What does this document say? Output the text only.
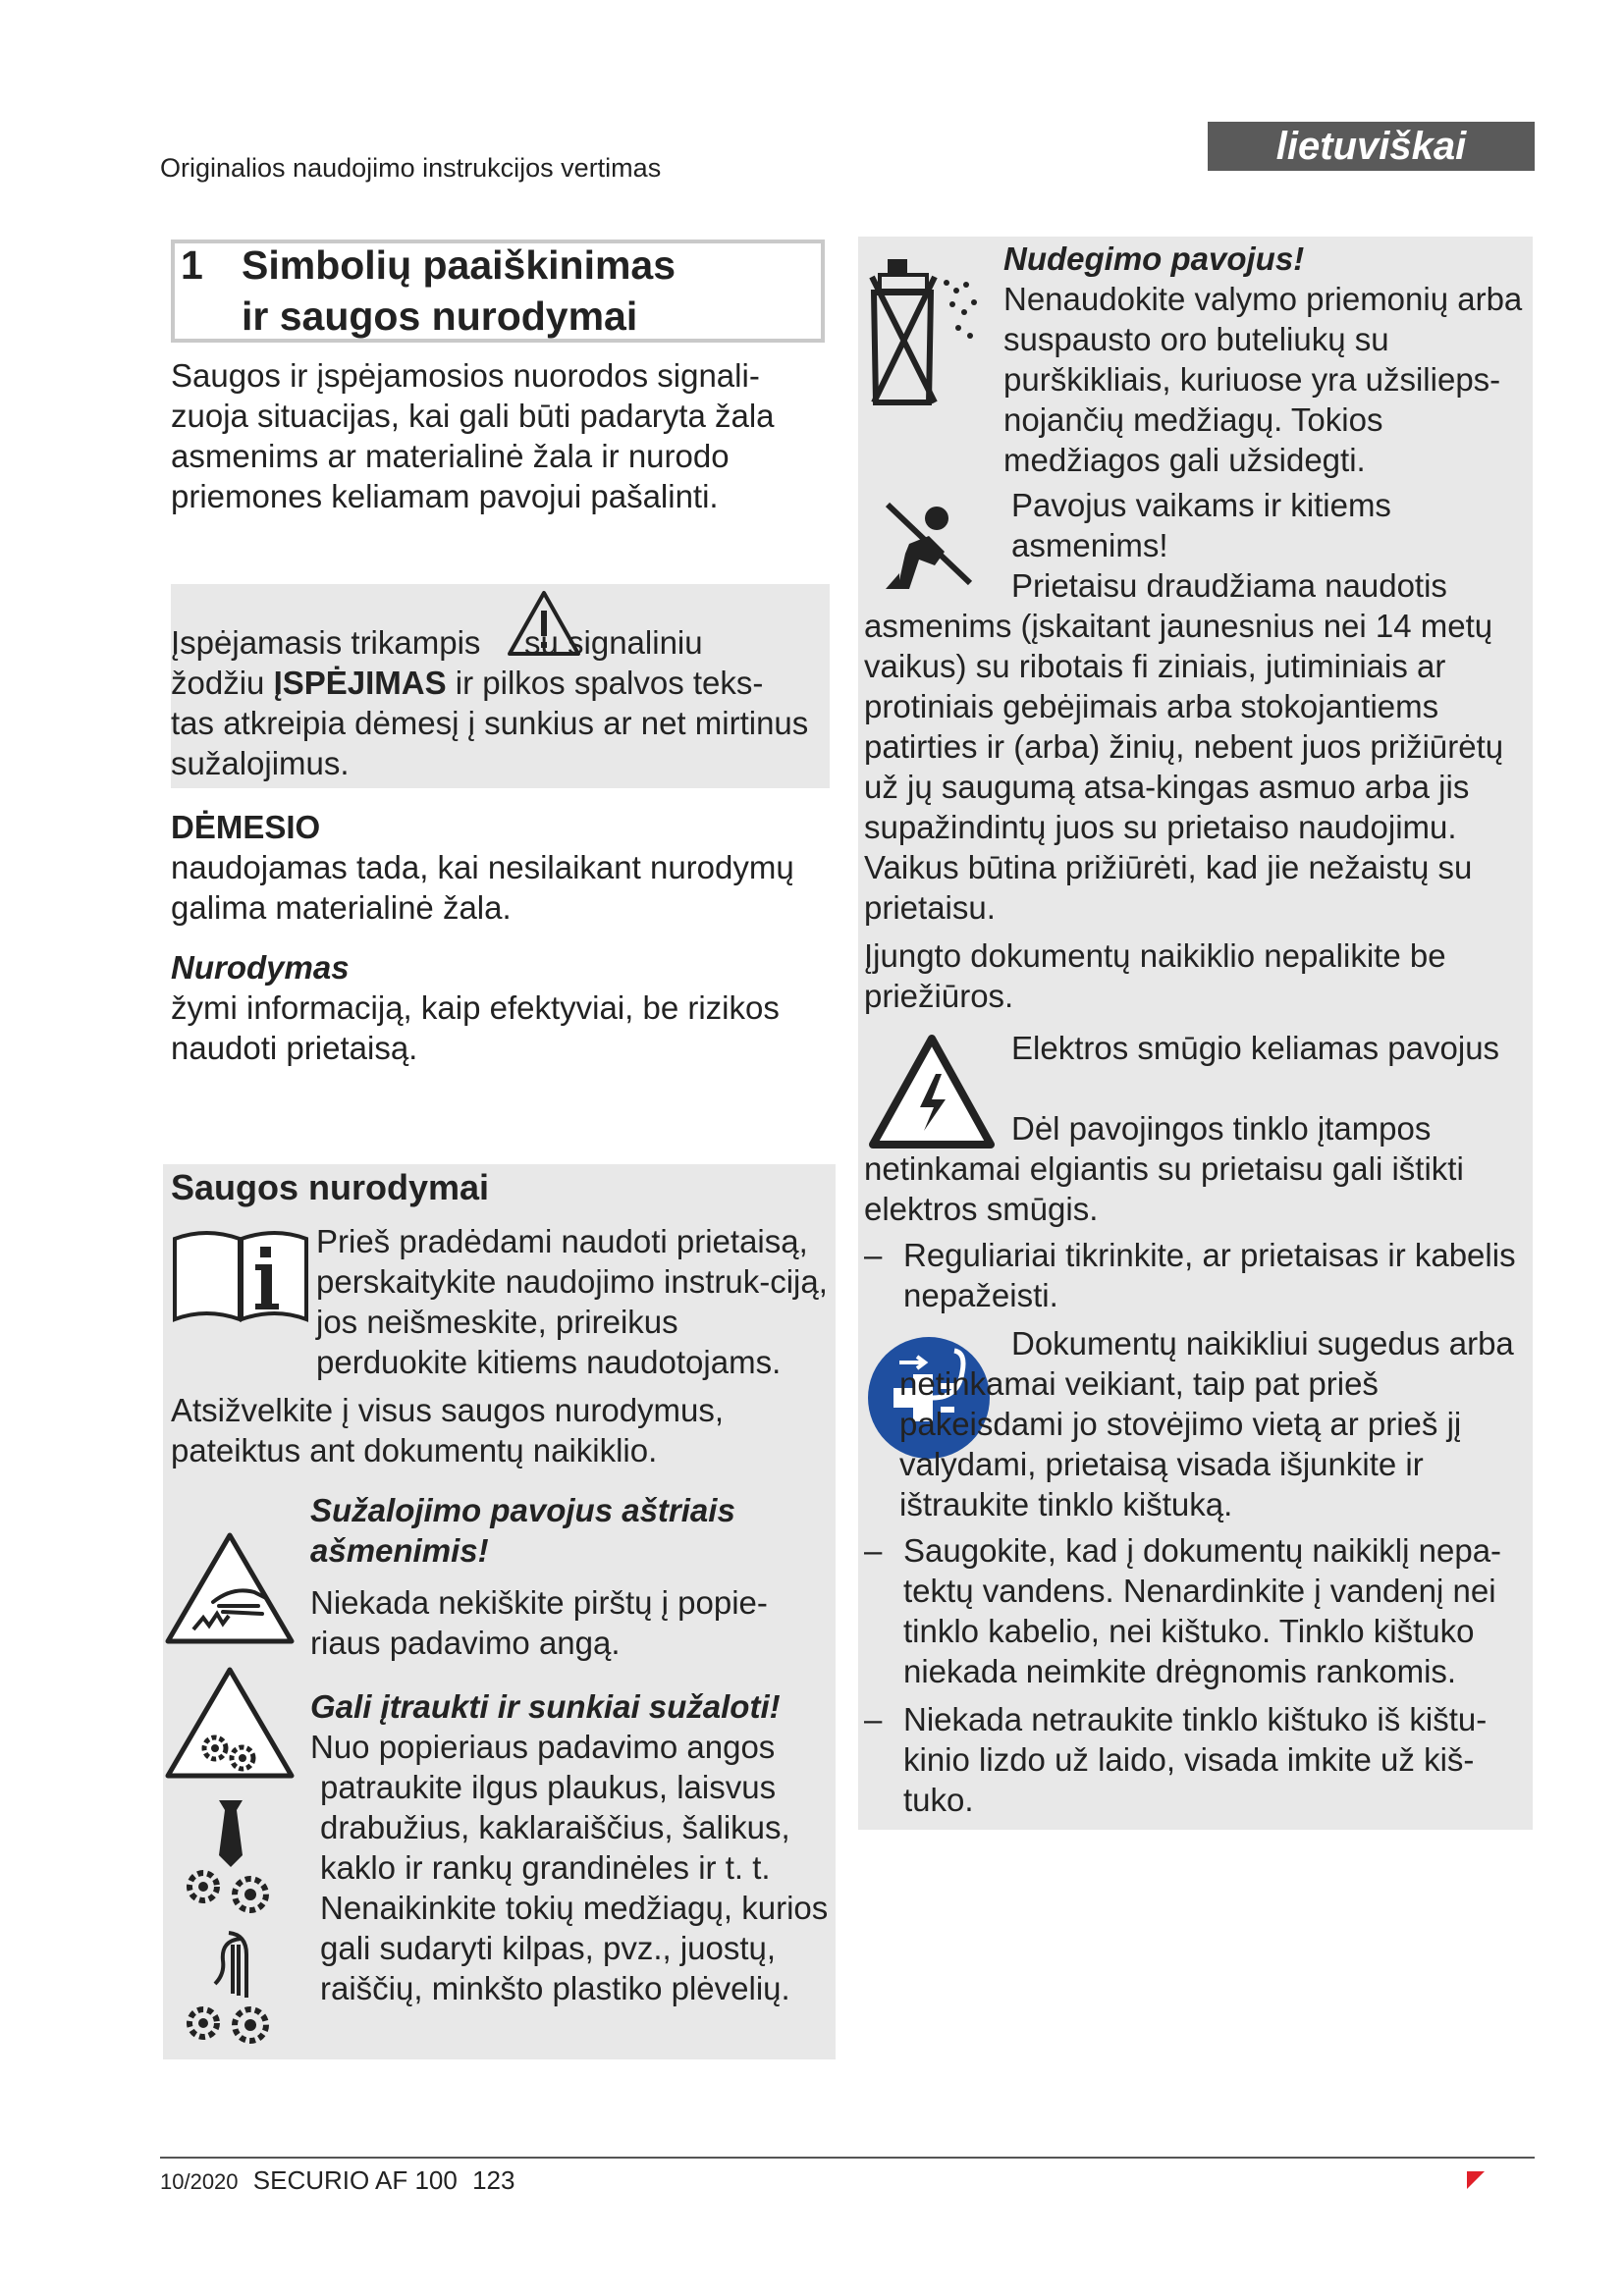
lietuviškai
Originalios naudojimo instrukcijos vertimas
1 Simbolių paaiškinimas
ir saugos nurodymai
Saugos ir įspėjamosios nuorodos signali-zuoja situacijas, kai gali būti padaryta žala asmenims ar materialinė žala ir nurodo priemones keliamam pavojui pašalinti.
Įspėjamasis trikampis su signaliniu
žodžiu ĮSPĖJIMAS ir pilkos spalvos teks-
tas atkreipia dėmesį į sunkius ar net mirtinus sužalojimus.
DĖMESIO
naudojamas tada, kai nesilaikant nurodymų galima materialinė žala.
Nurodymas
žymi informaciją, kaip efektyviai, be rizikos naudoti prietaisą.
Saugos nurodymai
Prieš pradėdami naudoti prietaisą, perskaitykite naudojimo instruk-ciją, jos neišmeskite, prireikus perduokite kitiems naudotojams.
Atsižvelkite į visus saugos nurodymus, pateiktus ant dokumentų naikiklio.
Sužalojimo pavojus aštriais ašmenimis!
Niekada nekiškite pirštų į popie-riaus padavimo angą.
Gali įtraukti ir sunkiai sužaloti!
Nuo popieriaus padavimo angos patraukite ilgus plaukus, laisvus drabužius, kaklaraiščius, šalikus, kaklo ir rankų grandinėles ir t. t. Nenaikinkite tokių medžiagų, kurios gali sudaryti kilpas, pvz., juostų, raiščių, minkšto plastiko plėvelių.
Nudegimo pavojus!
Nenaudokite valymo priemonių arba suspausto oro buteliukų su purškikliais, kuriuose yra užsilieps-nojančių medžiagų. Tokios medžiagos gali užsidegti.
Pavojus vaikams ir kitiems asmenims!
Prietaisu draudžiama naudotis asmenims (įskaitant jaunesnius nei 14 metų vaikus) su ribotais fi ziniais, jutiminiais ar protiniais gebėjimais arba stokojantiems patirties ir (arba) žinių, nebent juos prižiūrėtų už jų saugumą atsa-kingas asmuo arba jis supažindintų juos su prietaiso naudojimu. Vaikus būtina prižiūrėti, kad jie nežaistų su prietaisu.
Įjungto dokumentų naikiklio nepalikite be priežiūros.
Elektros smūgio keliamas pavojus
Dėl pavojingos tinklo įtampos netinkamai elgiantis su prietaisu gali ištikti elektros smūgis.
– Reguliariai tikrinkite, ar prietaisas ir kabelis nepažeisti.
Dokumentų naikikliui sugedus arba netinkamai veikiant, taip pat prieš pakeisdami jo stovėjimo vietą ar prieš jį valydami, prietaisą visada išjunkite ir ištraukite tinklo kištuką.
– Saugokite, kad į dokumentų naikiklį nepa-tektų vandens. Nenardinkite į vandenį nei tinklo kabelio, nei kištuko. Tinklo kištuko niekada neimkite drėgnomis rankomis.
– Niekada netraukite tinklo kištuko iš kištu-kinio lizdo už laido, visada imkite už kiš-tuko.
10/2020 SECURIO AF 100 123
